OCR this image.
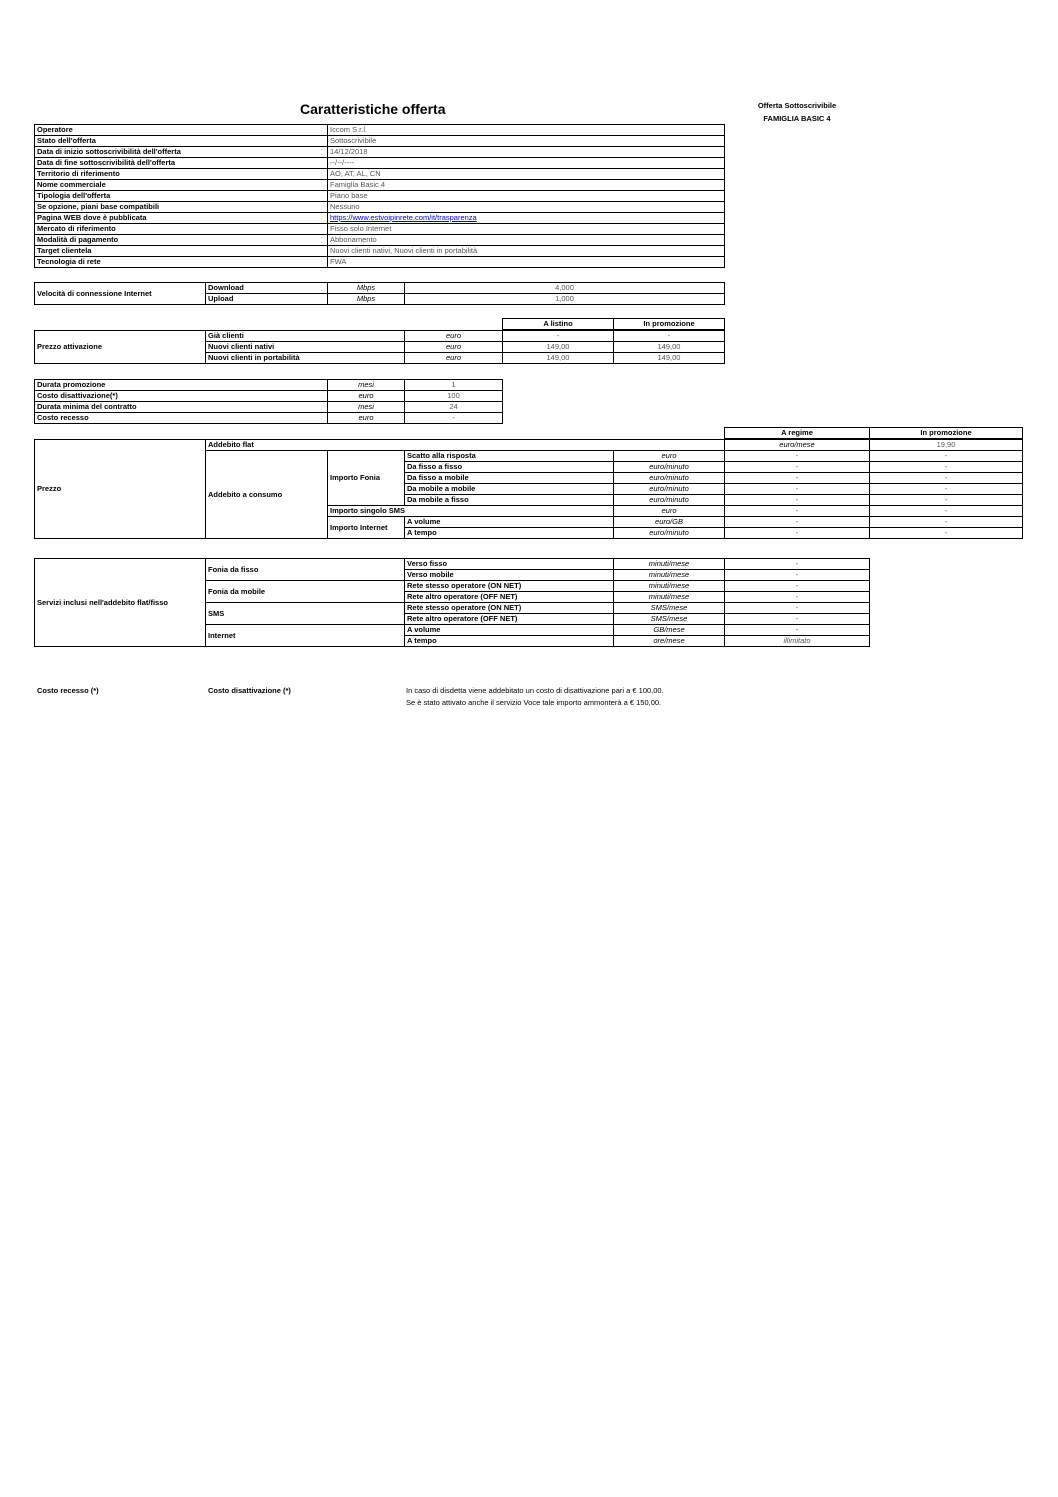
Caratteristiche offerta	Offerta Sottoscrivibile
FAMIGLIA BASIC 4
Operatore	Iccom S.r.l.
Stato dell'offerta	Sottoscrivibile
Data di inizio sottoscrivibilità dell'offerta	14/12/2018
Data di fine sottoscrivibilità dell'offerta	--/--/----
Territorio di riferimento	AO, AT, AL, CN
Nome commerciale	Famiglia Basic 4
Tipologia dell'offerta	Piano base
Se opzione, piani base compatibili	Nessuno
Pagina WEB dove è pubblicata	https://www.estvoipinrete.com/it/trasparenza
Mercato di riferimento	Fisso solo Internet
Modalità di pagamento	Abbonamento
Target clientela	Nuovi clienti nativi, Nuovi clienti in portabilità
Tecnologia di rete	FWA
Velocità di connessione Internet	Download	Mbps	4,000
	Upload	Mbps	1,000
A listino	In promozione
Prezzo attivazione	Già clienti	euro	-	-
	Nuovi clienti nativi	euro	149,00	149,00
	Nuovi clienti in portabilità	euro	149,00	149,00
Durata promozione	mesi	1
Costo disattivazione(*)	euro	100
Durata minima del contratto	mesi	24
Costo recesso	euro	-
A regime	In promozione
Prezzo	Addebito flat				euro/mese	19,90	
	Addebito a consumo	Importo Fonia	Scatto alla risposta	euro	-	-	
			Da fisso a fisso	euro/minuto	-	-	
			Da fisso a mobile	euro/minuto	-	-	
			Da mobile a mobile	euro/minuto	-	-	
			Da mobile a fisso	euro/minuto	-	-	
		Importo singolo SMS		euro	-	-	
		Importo Internet	A volume	euro/GB	-	-	
			A tempo	euro/minuto	-	-	
Servizi inclusi nell'addebito flat/fisso	Fonia da fisso	Verso fisso	minuti/mese	-
		Verso mobile	minuti/mese	-
	Fonia da mobile	Rete stesso operatore (ON NET)	minuti/mese	-
		Rete altro operatore (OFF NET)	minuti/mese	-
	SMS	Rete stesso operatore (ON NET)	SMS/mese	-
		Rete altro operatore (OFF NET)	SMS/mese	-
	Internet	A volume	GB/mese	-
		A tempo	ore/mese	illimitato
Costo recesso (*)	Costo disattivazione (*)	In caso di disdetta viene addebitato un costo di disattivazione pari a € 100,00.
Se è stato attivato anche il servizio Voce tale importo ammonterà a € 150,00.
